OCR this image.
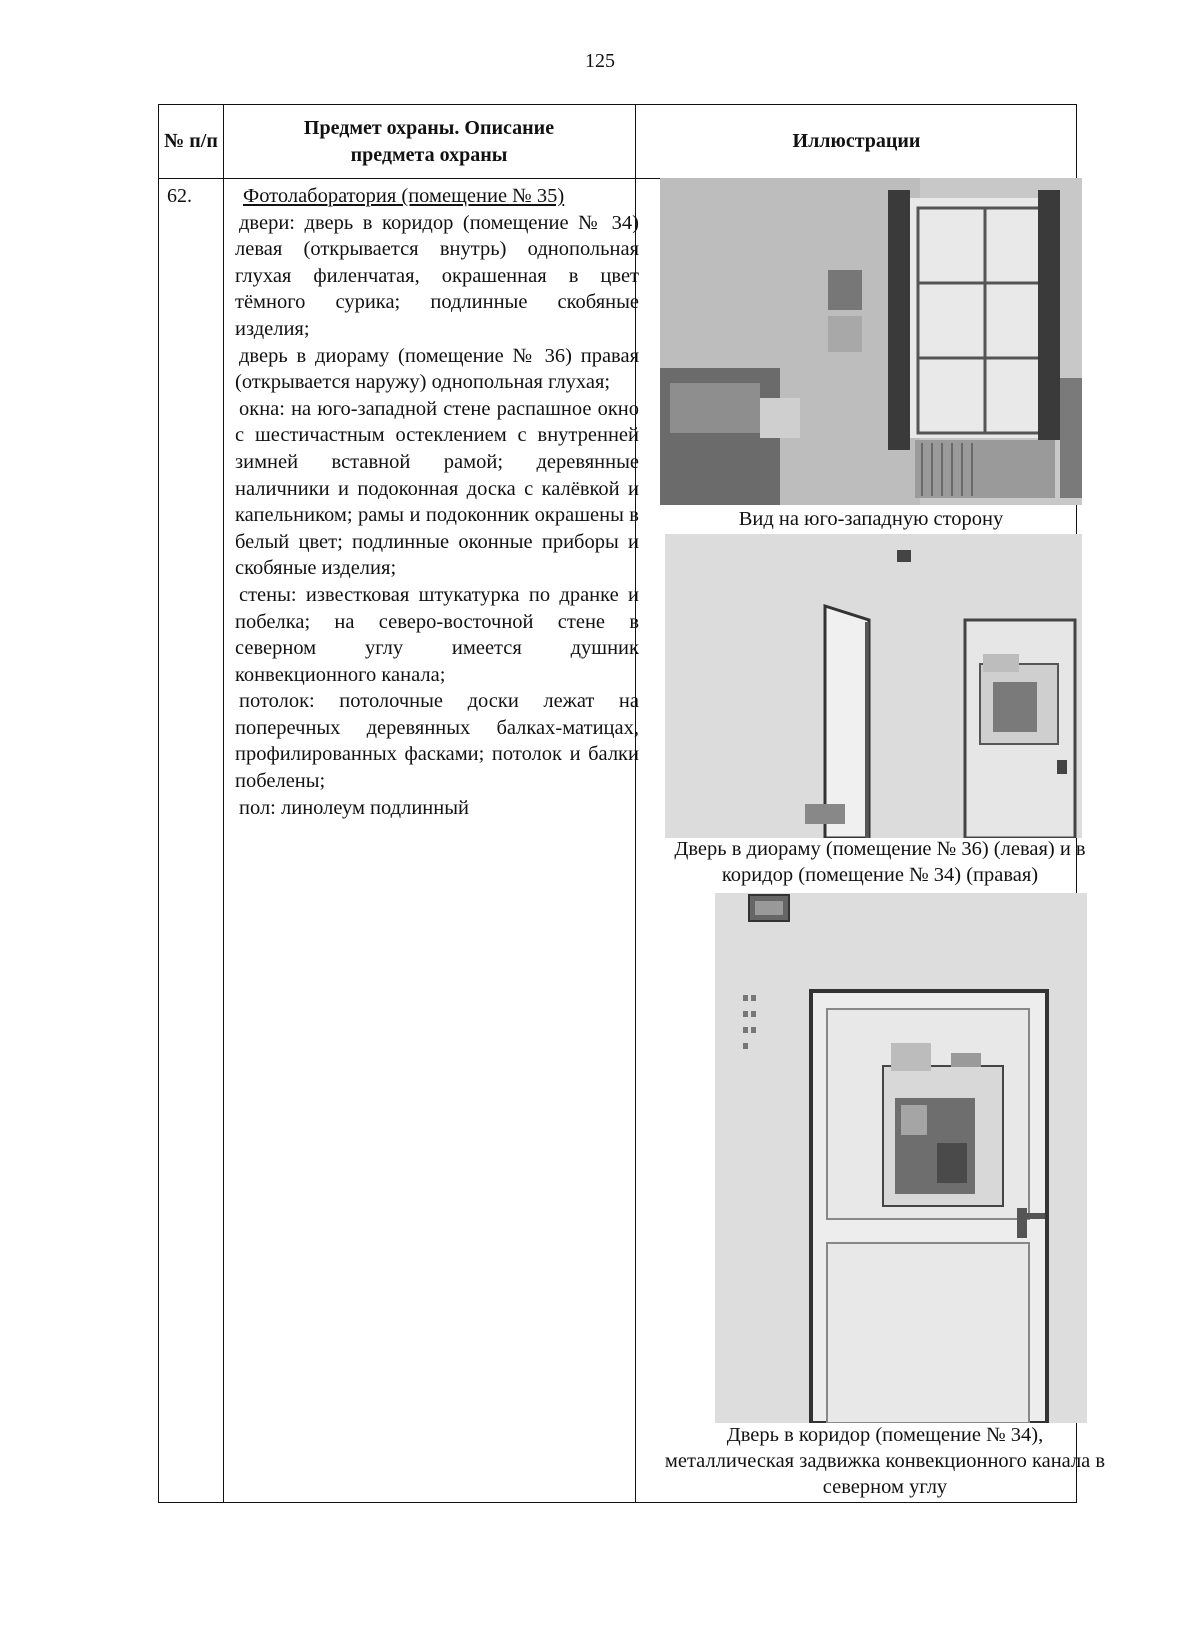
125
№ п/п
Предмет охраны. Описание предмета охраны
Иллюстрации
62.	Фотолаборатория (помещение № 35)
двери: дверь в коридор (помещение № 34) левая (открывается внутрь) однопольная глухая филенчатая, окрашенная в цвет тёмного сурика; подлинные скобяные изделия;
дверь в диораму (помещение № 36) правая (открывается наружу) однопольная глухая;
окна: на юго-западной стене распашное окно с шестичастным остеклением с внутренней зимней вставной рамой; деревянные наличники и подоконная доска с калёвкой и капельником; рамы и подоконник окрашены в белый цвет; подлинные оконные приборы и скобяные изделия;
стены: известковая штукатурка по дранке и побелка; на северо-восточной стене в северном углу имеется душник конвекционного канала;
потолок: потолочные доски лежат на поперечных деревянных балках-матицах, профилированных фасками; потолок и балки побелены;
пол: линолеум подлинный
Вид на юго-западную сторону
Дверь в диораму (помещение № 36) (левая) и в коридор (помещение № 34) (правая)
Дверь в коридор (помещение № 34), металлическая задвижка конвекционного канала в северном углу
